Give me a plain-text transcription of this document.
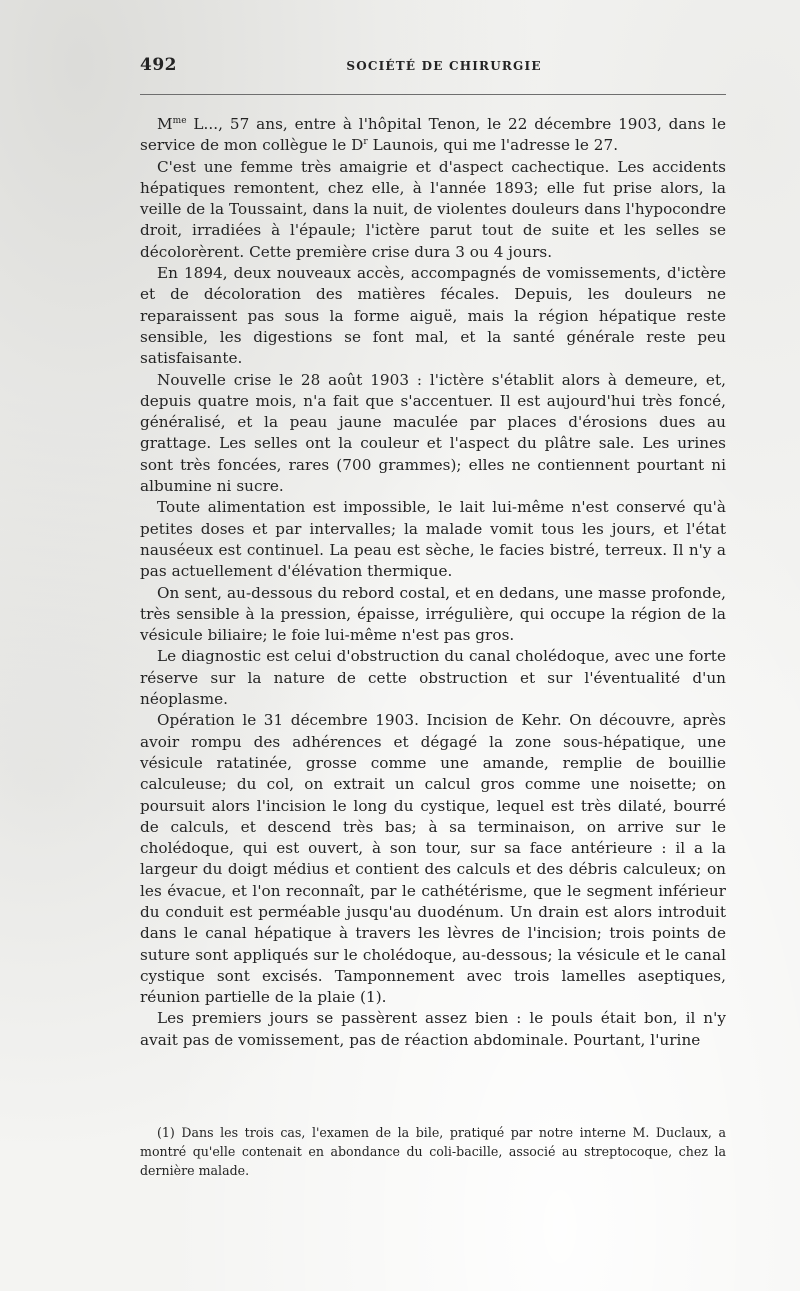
492	SOCIÉTÉ DE CHIRURGIE

$M^{me}$ L..., 57 ans, entre à l'hôpital Tenon, le 22 décembre 1903, dans le service de mon collègue le $D^r$ Launois, qui me l'adresse le 27.

C'est une femme très amaigrie et d'aspect cachectique. Les accidents hépatiques remontent, chez elle, à l'année 1893; elle fut prise alors, la veille de la Toussaint, dans la nuit, de violentes douleurs dans l'hypocondre droit, irradiées à l'épaule; l'ictère parut tout de suite et les selles se décolorèrent. Cette première crise dura 3 ou 4 jours.

En 1894, deux nouveaux accès, accompagnés de vomissements, d'ictère et de décoloration des matières fécales. Depuis, les douleurs ne reparaissent pas sous la forme aiguë, mais la région hépatique reste sensible, les digestions se font mal, et la santé générale reste peu satisfaisante.

Nouvelle crise le 28 août 1903 : l'ictère s'établit alors à demeure, et, depuis quatre mois, n'a fait que s'accentuer. Il est aujourd'hui très foncé, généralisé, et la peau jaune maculée par places d'érosions dues au grattage. Les selles ont la couleur et l'aspect du plâtre sale. Les urines sont très foncées, rares (700 grammes); elles ne contiennent pourtant ni albumine ni sucre.

Toute alimentation est impossible, le lait lui-même n'est conservé qu'à petites doses et par intervalles; la malade vomit tous les jours, et l'état nauséeux est continuel. La peau est sèche, le facies bistré, terreux. Il n'y a pas actuellement d'élévation thermique.

On sent, au-dessous du rebord costal, et en dedans, une masse profonde, très sensible à la pression, épaisse, irrégulière, qui occupe la région de la vésicule biliaire; le foie lui-même n'est pas gros.

Le diagnostic est celui d'obstruction du canal cholédoque, avec une forte réserve sur la nature de cette obstruction et sur l'éventualité d'un néoplasme.

Opération le 31 décembre 1903. Incision de Kehr. On découvre, après avoir rompu des adhérences et dégagé la zone sous-hépatique, une vésicule ratatinée, grosse comme une amande, remplie de bouillie calculeuse; du col, on extrait un calcul gros comme une noisette; on poursuit alors l'incision le long du cystique, lequel est très dilaté, bourré de calculs, et descend très bas; à sa terminaison, on arrive sur le cholédoque, qui est ouvert, à son tour, sur sa face antérieure : il a la largeur du doigt médius et contient des calculs et des débris calculeux; on les évacue, et l'on reconnaît, par le cathétérisme, que le segment inférieur du conduit est perméable jusqu'au duodénum. Un drain est alors introduit dans le canal hépatique à travers les lèvres de l'incision; trois points de suture sont appliqués sur le cholédoque, au-dessous; la vésicule et le canal cystique sont excisés. Tamponnement avec trois lamelles aseptiques, réunion partielle de la plaie (1).

Les premiers jours se passèrent assez bien : le pouls était bon, il n'y avait pas de vomissement, pas de réaction abdominale. Pourtant, l'urine

(1) Dans les trois cas, l'examen de la bile, pratiqué par notre interne M. Duclaux, a montré qu'elle contenait en abondance du coli-bacille, associé au streptocoque, chez la dernière malade.
